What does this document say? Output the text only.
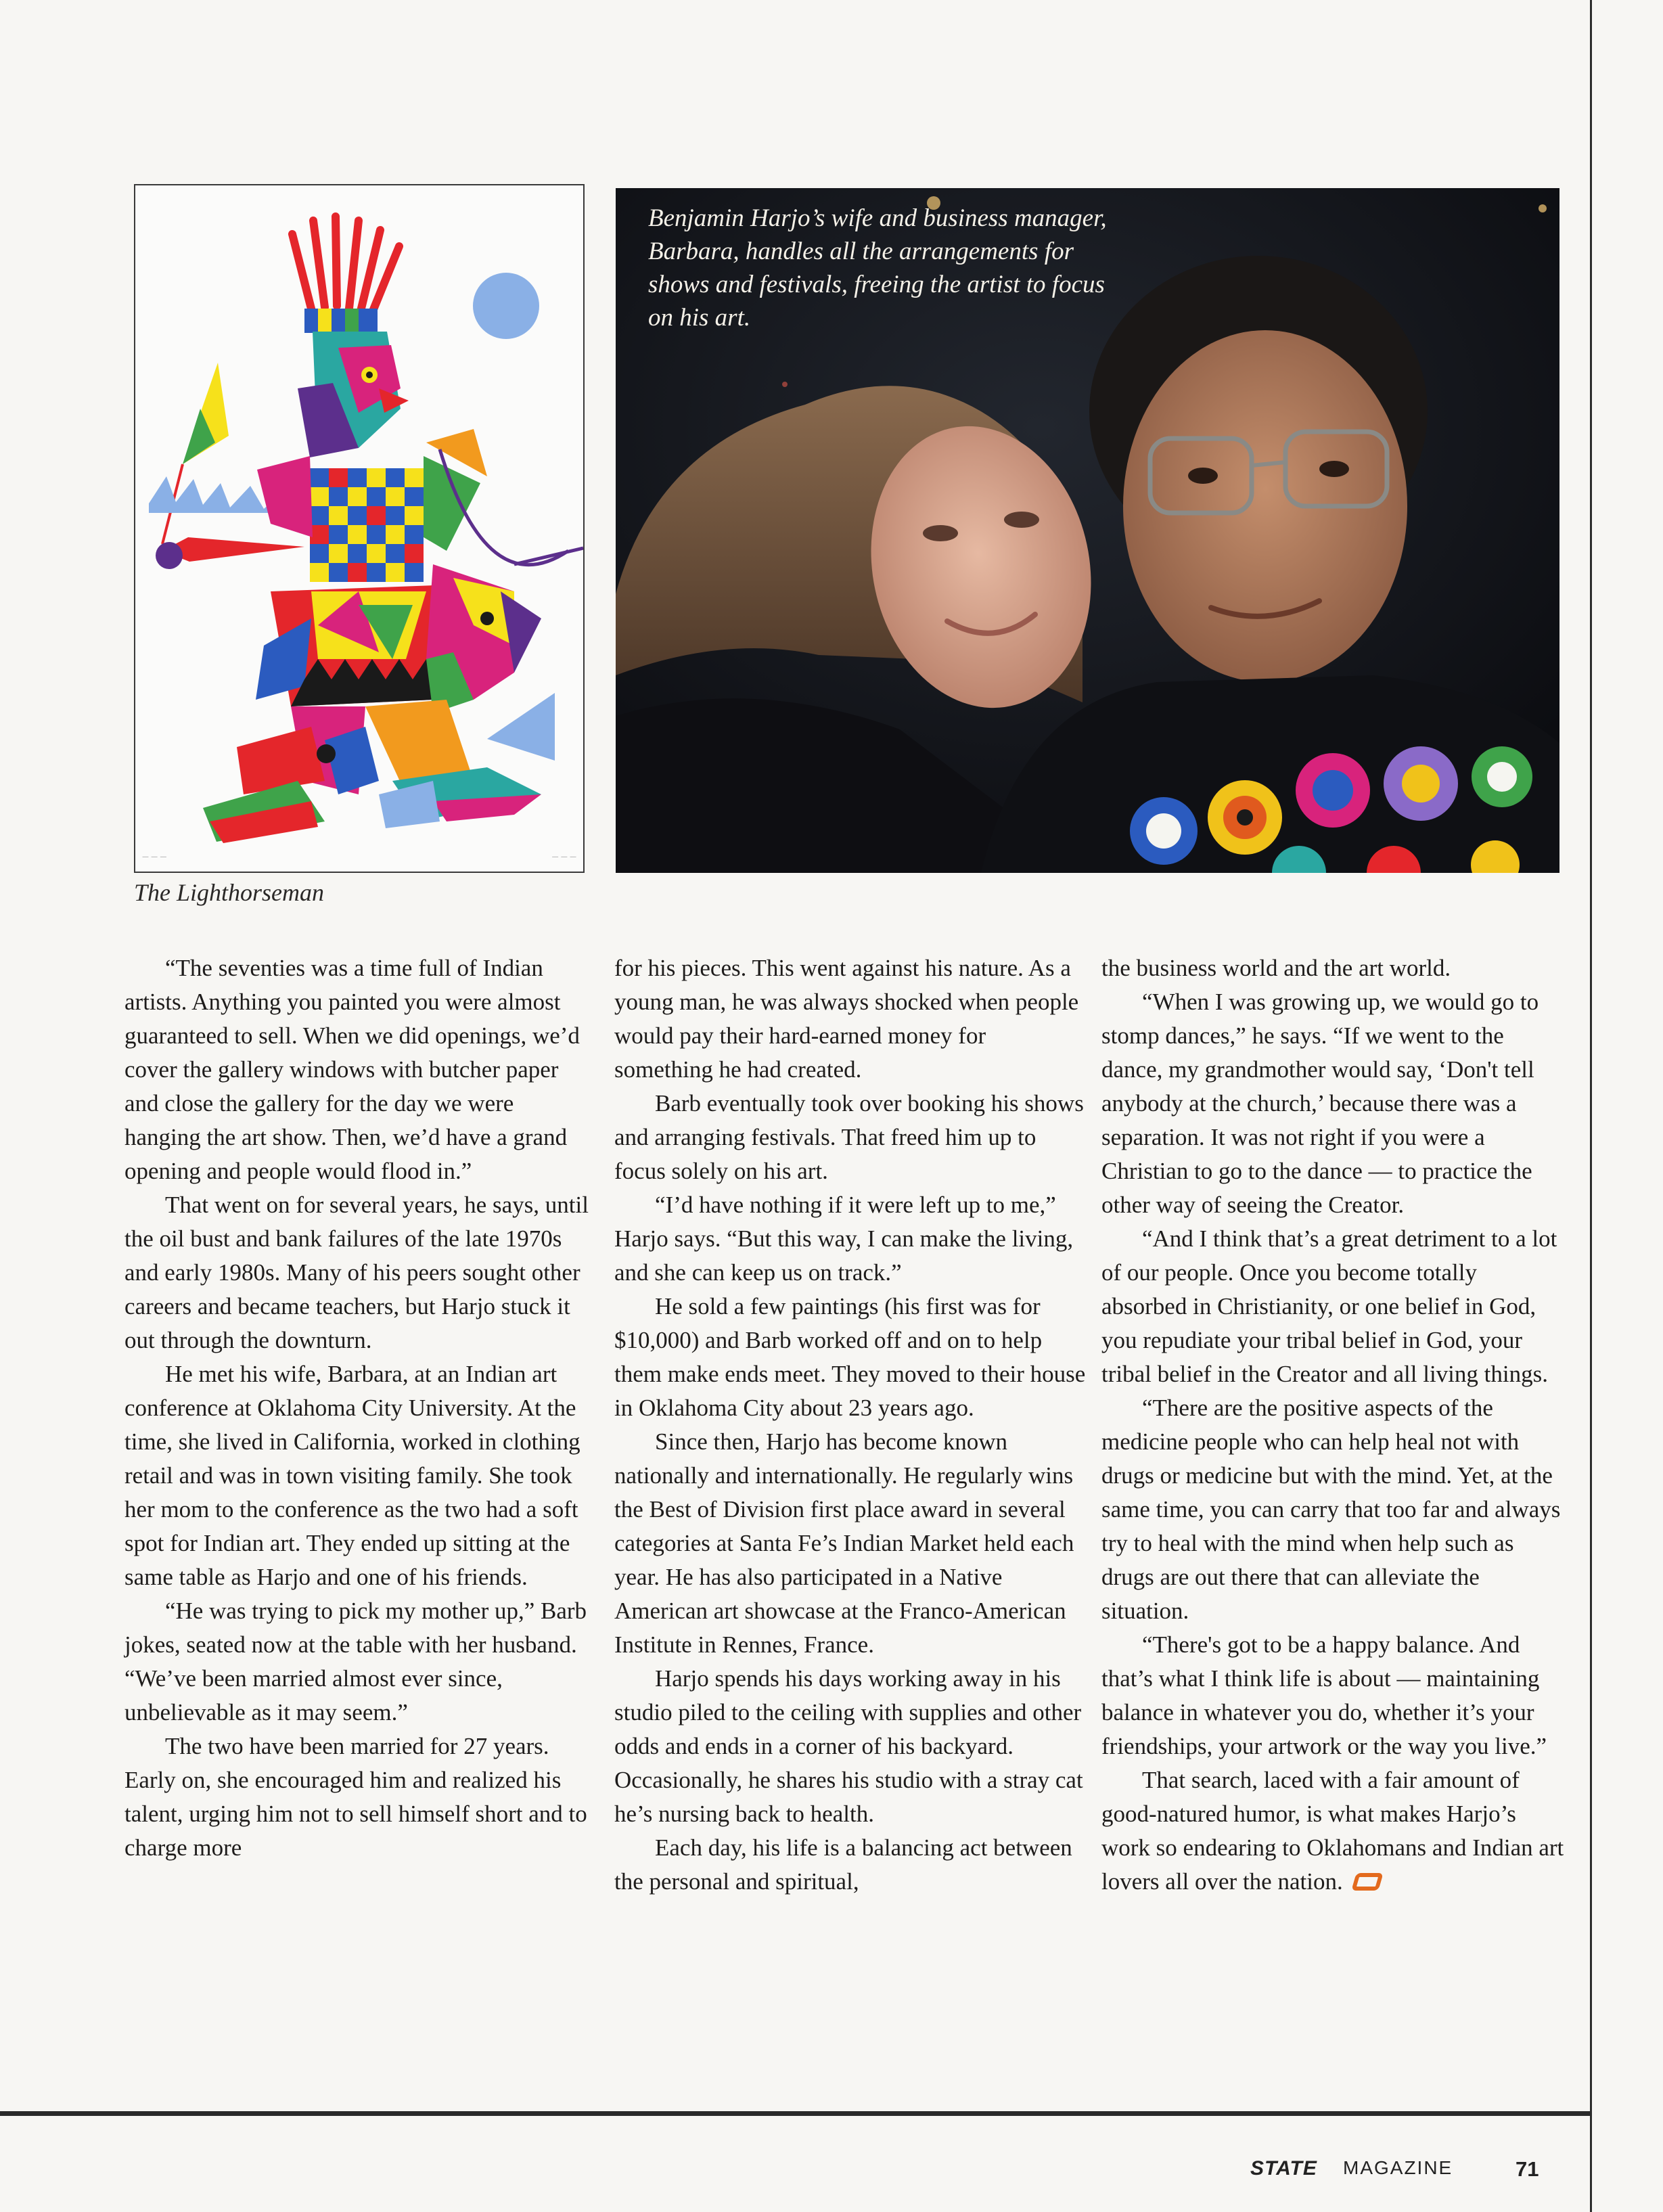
— — —	— — —
The Lighthorseman
Benjamin Harjo’s wife and business manager, Barbara, handles all the arrangements for shows and festivals, freeing the artist to focus on his art.

“The seventies was a time full of Indian artists. Anything you painted you were almost guaranteed to sell. When we did openings, we’d cover the gallery windows with butcher paper and close the gallery for the day we were hanging the art show. Then, we’d have a grand opening and people would flood in.”

That went on for several years, he says, until the oil bust and bank failures of the late 1970s and early 1980s. Many of his peers sought other careers and became teachers, but Harjo stuck it out through the downturn.

He met his wife, Barbara, at an Indian art conference at Oklahoma City University. At the time, she lived in California, worked in clothing retail and was in town visiting family. She took her mom to the conference as the two had a soft spot for Indian art. They ended up sitting at the same table as Harjo and one of his friends.

“He was trying to pick my mother up,” Barb jokes, seated now at the table with her husband. “We’ve been married almost ever since, unbelievable as it may seem.”

The two have been married for 27 years. Early on, she encouraged him and realized his talent, urging him not to sell himself short and to charge more

for his pieces. This went against his nature. As a young man, he was always shocked when people would pay their hard-earned money for something he had created.

Barb eventually took over booking his shows and arranging festivals. That freed him up to focus solely on his art.

“I’d have nothing if it were left up to me,” Harjo says. “But this way, I can make the living, and she can keep us on track.”

He sold a few paintings (his first was for $10,000) and Barb worked off and on to help them make ends meet. They moved to their house in Oklahoma City about 23 years ago.

Since then, Harjo has become known nationally and internationally. He regularly wins the Best of Division first place award in several categories at Santa Fe’s Indian Market held each year. He has also participated in a Native American art showcase at the Franco-American Institute in Rennes, France.

Harjo spends his days working away in his studio piled to the ceiling with supplies and other odds and ends in a corner of his backyard. Occasionally, he shares his studio with a stray cat he’s nursing back to health.

Each day, his life is a balancing act between the personal and spiritual,

the business world and the art world.

“When I was growing up, we would go to stomp dances,” he says. “If we went to the dance, my grandmother would say, ‘Don't tell anybody at the church,’ because there was a separation. It was not right if you were a Christian to go to the dance — to practice the other way of seeing the Creator.

“And I think that’s a great detriment to a lot of our people. Once you become totally absorbed in Christianity, or one belief in God, you repudiate your tribal belief in God, your tribal belief in the Creator and all living things.

“There are the positive aspects of the medicine people who can help heal not with drugs or medicine but with the mind. Yet, at the same time, you can carry that too far and always try to heal with the mind when help such as drugs are out there that can alleviate the situation.

“There's got to be a happy balance. And that’s what I think life is about — maintaining balance in whatever you do, whether it’s your friendships, your artwork or the way you live.”

That search, laced with a fair amount of good-natured humor, is what makes Harjo’s work so endearing to Oklahomans and Indian art lovers all over the nation.

STATE MAGAZINE	71
